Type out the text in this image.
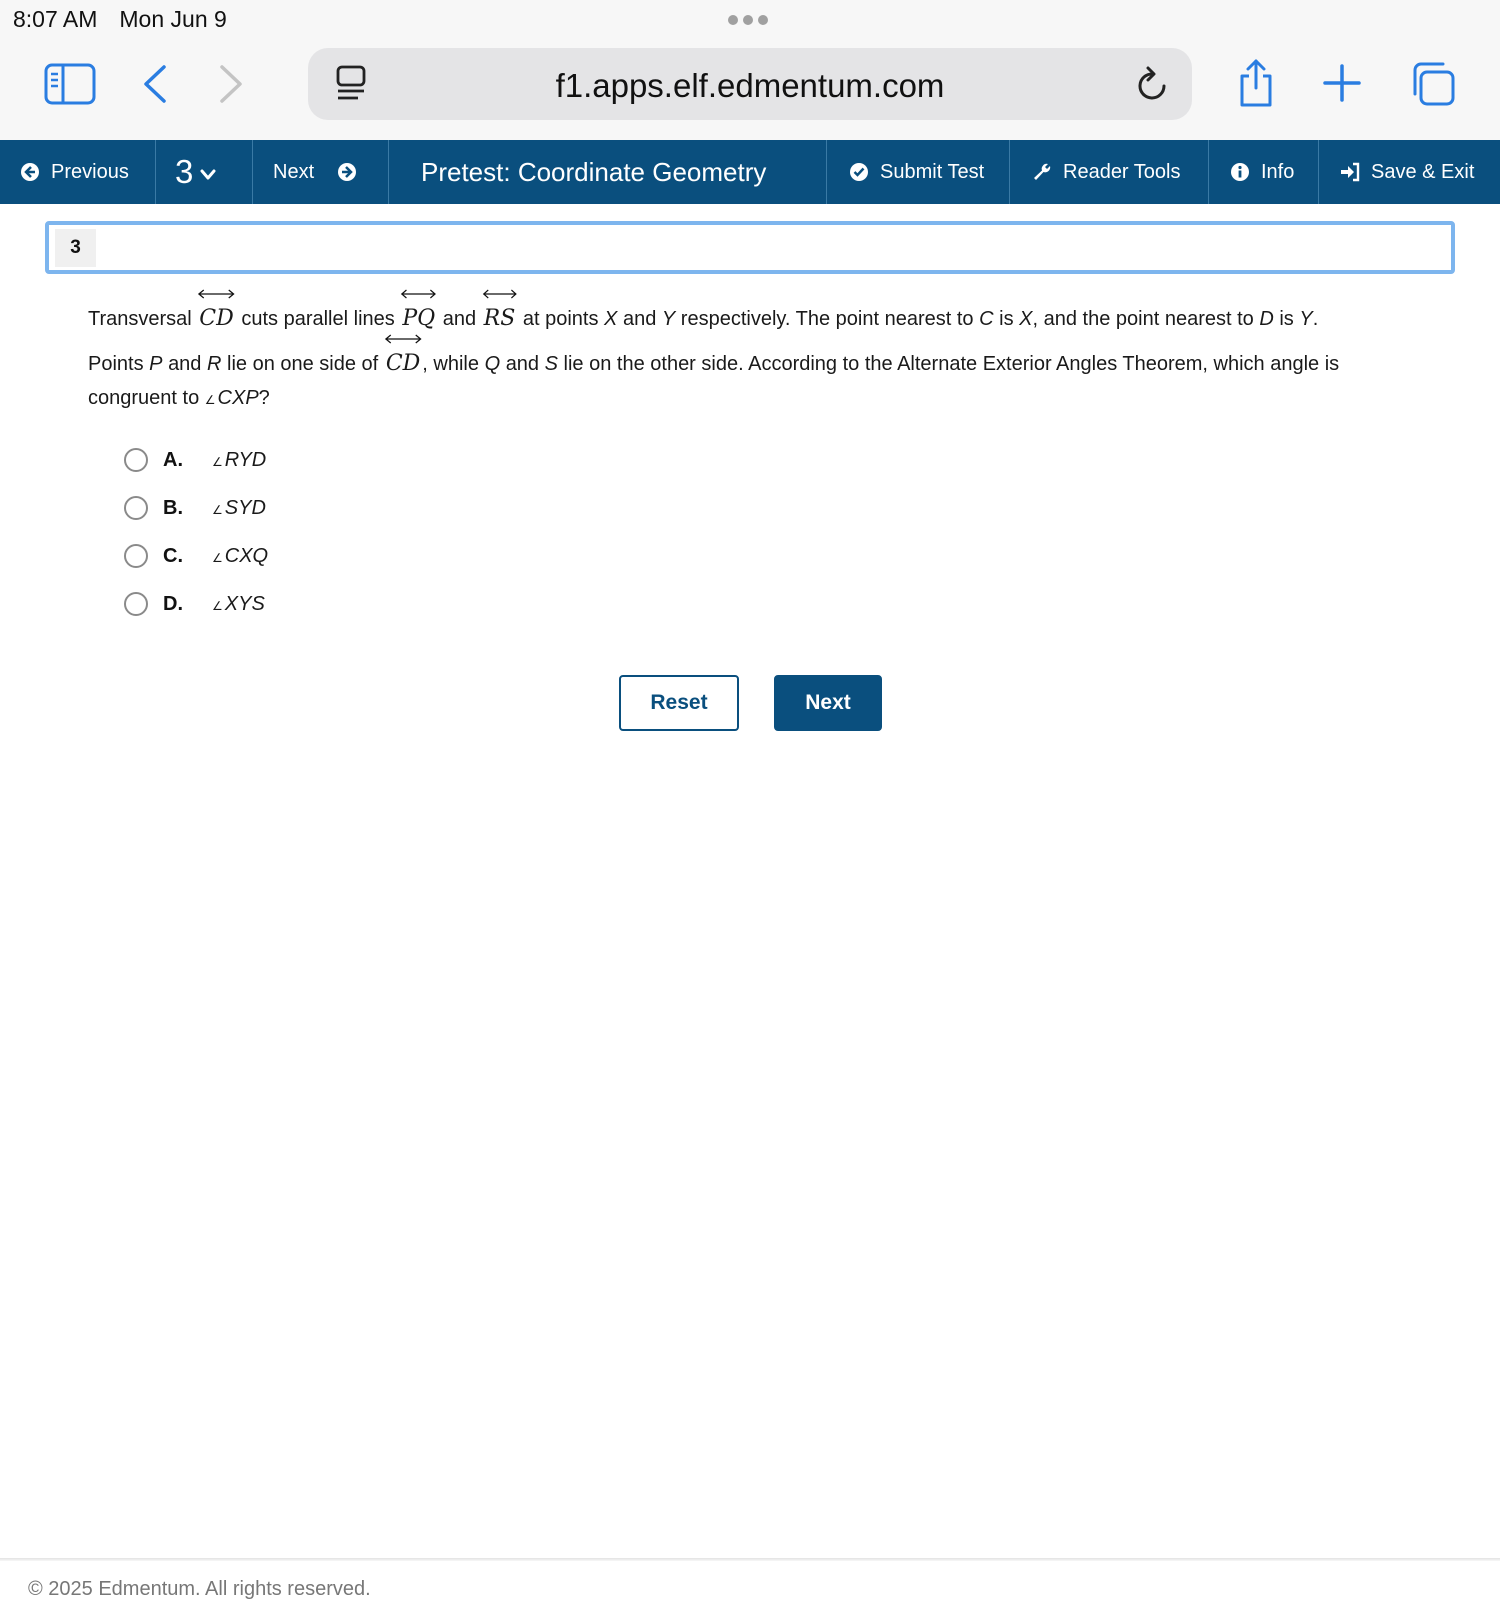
8:07 AM Mon Jun 9
f1.apps.elf.edmentum.com
Previous 3	Next	Pretest: Coordinate Geometry	Submit Test	Reader Tools	Info	Save & Exit
3
Transversal CD cuts parallel lines PQ and RS at points X and Y respectively. The point nearest to C is X, and the point nearest to D is Y.
Points P and R lie on one side of CD , while Q and S lie on the other side. According to the Alternate Exterior Angles Theorem, which angle is
congruent to ∠ CXP?
A.	∠ RYD
B.	∠ SYD
C.	∠ CXQ
D.	∠ XYS
Reset	Next
© 2025 Edmentum. All rights reserved.
